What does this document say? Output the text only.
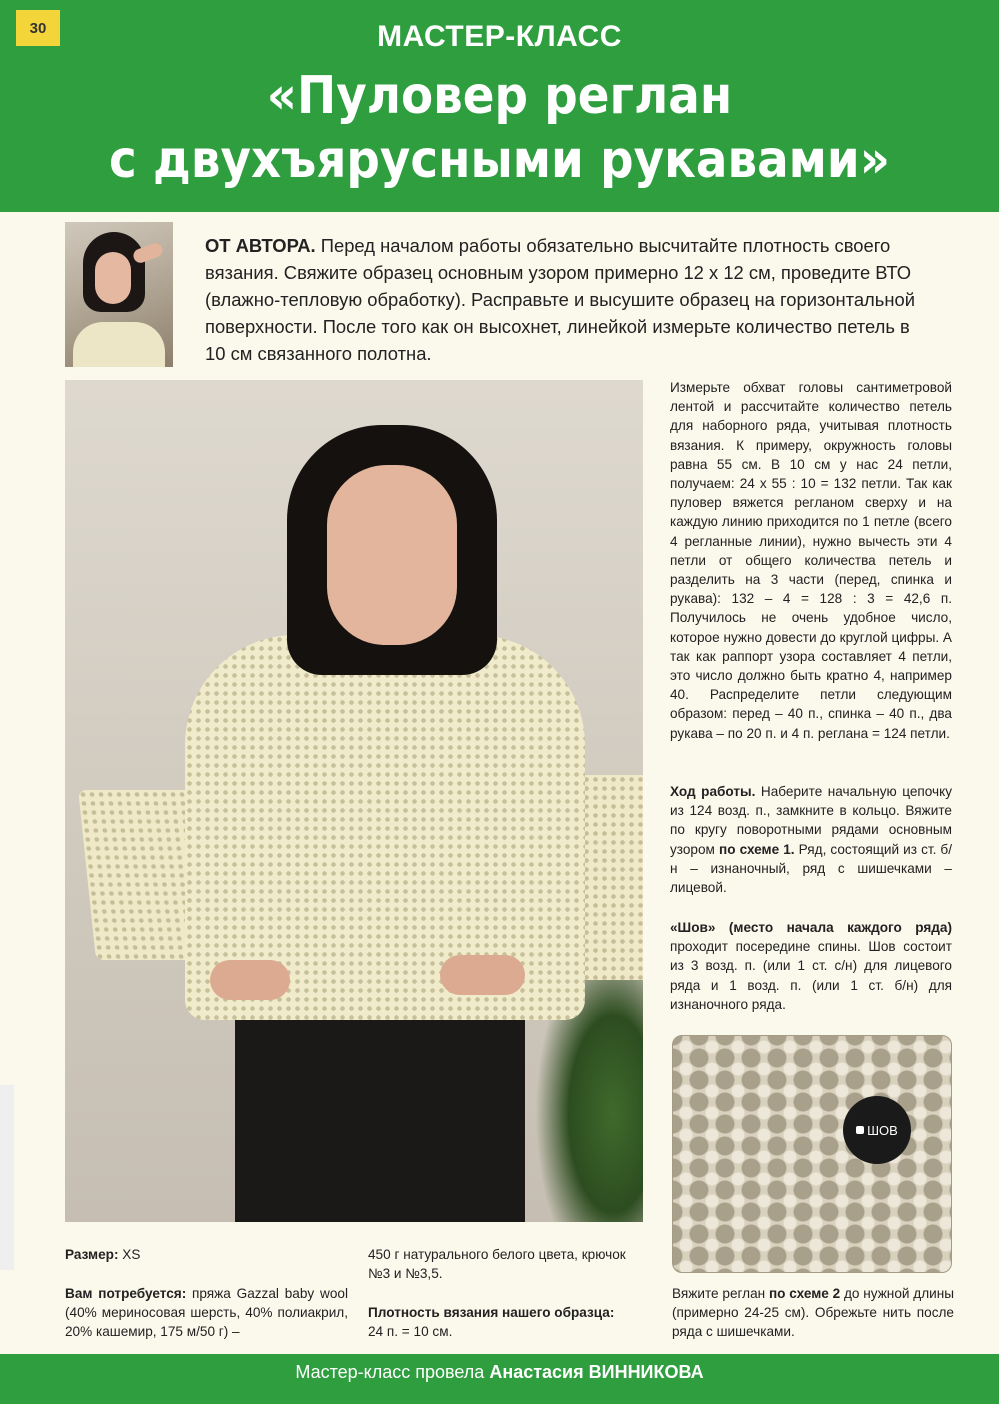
30	МАСТЕР-КЛАСС
«Пуловер реглан
с двухъярусными рукавами»

ОТ АВТОРА. Перед началом работы обязательно высчитайте плотность своего вязания. Свяжите образец основным узором примерно 12 х 12 см, проведите ВТО (влажно-тепловую обработку). Расправьте и высушите образец на горизонтальной поверхности. После того как он высохнет, линейкой измерьте количество петель в 10 см связанного полотна.

Измерьте обхват головы сантиметровой лентой и рассчитайте количество петель для наборного ряда, учитывая плотность вязания. К примеру, окружность головы равна 55 см. В 10 см у нас 24 петли, получаем: 24 х 55 : 10 = 132 петли. Так как пуловер вяжется регланом сверху и на каждую линию приходится по 1 петле (всего 4 регланные линии), нужно вычесть эти 4 петли от общего количества петель и разделить на 3 части (перед, спинка и рукава): 132 – 4 = 128 : 3 = 42,6 п. Получилось не очень удобное число, которое нужно довести до круглой цифры. А так как раппорт узора составляет 4 петли, это число должно быть кратно 4, например 40. Распределите петли следующим образом: перед – 40 п., спинка – 40 п., два рукава – по 20 п. и 4 п. реглана = 124 петли.

Ход работы. Наберите начальную цепочку из 124 возд. п., замкните в кольцо. Вяжите по кругу поворотными рядами основным узором по схеме 1. Ряд, состоящий из ст. б/н – изнаночный, ряд с шишечками – лицевой.

«Шов» (место начала каждого ряда) проходит посередине спины. Шов состоит из 3 возд. п. (или 1 ст. с/н) для лицевого ряда и 1 возд. п. (или 1 ст. б/н) для изнаночного ряда.

ШОВ

Вяжите реглан по схеме 2 до нужной длины (примерно 24-25 см). Обрежьте нить после ряда с шишечками.

Размер: XS

Вам потребуется: пряжа Gazzal baby wool (40% мериносовая шерсть, 40% полиакрил, 20% кашемир, 175 м/50 г) –

450 г натурального белого цвета, крючок №3 и №3,5.

Плотность вязания нашего образца:
24 п. = 10 см.

Мастер-класс провела Анастасия ВИННИКОВА
